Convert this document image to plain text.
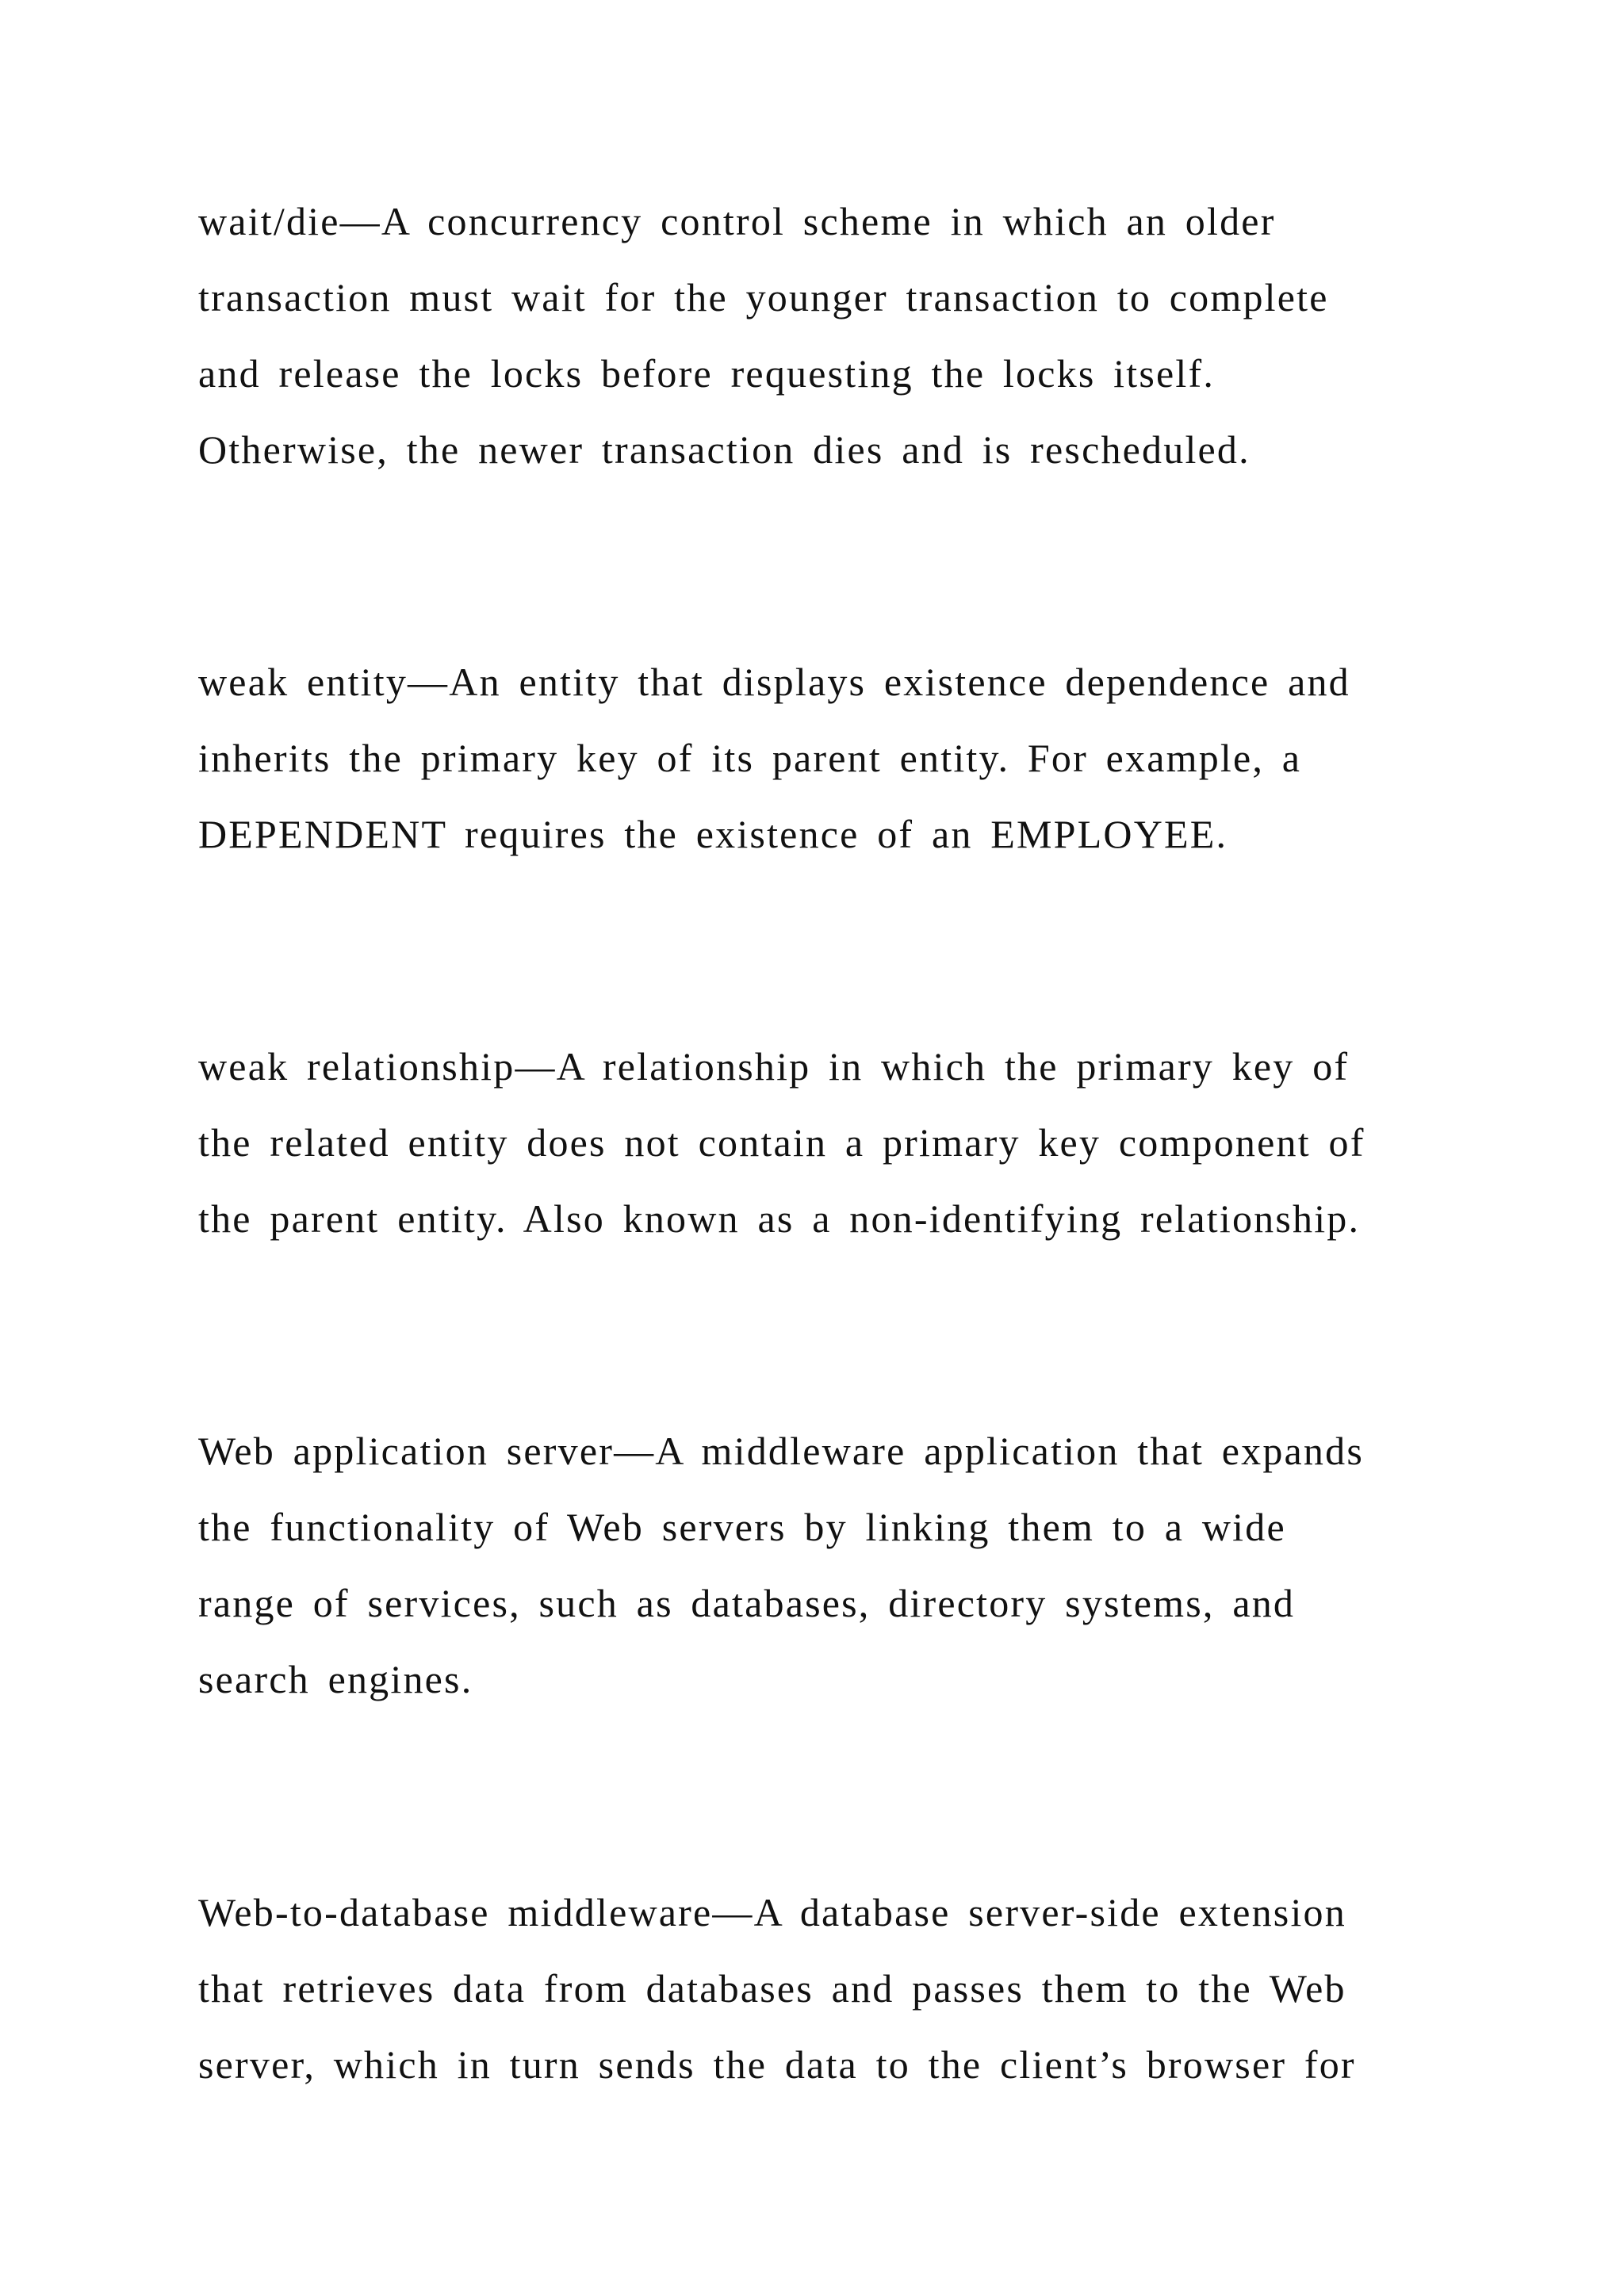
wait/die—A concurrency control scheme in which an older
transaction must wait for the younger transaction to complete
and release the locks before requesting the locks itself.
Otherwise, the newer transaction dies and is rescheduled.
weak entity—An entity that displays existence dependence and
inherits the primary key of its parent entity. For example, a
DEPENDENT requires the existence of an EMPLOYEE.
weak relationship—A relationship in which the primary key of
the related entity does not contain a primary key component of
the parent entity. Also known as a non-identifying relationship.
Web application server—A middleware application that expands
the functionality of Web servers by linking them to a wide
range of services, such as databases, directory systems, and
search engines.
Web-to-database middleware—A database server-side extension
that retrieves data from databases and passes them to the Web
server, which in turn sends the data to the client’s browser for
